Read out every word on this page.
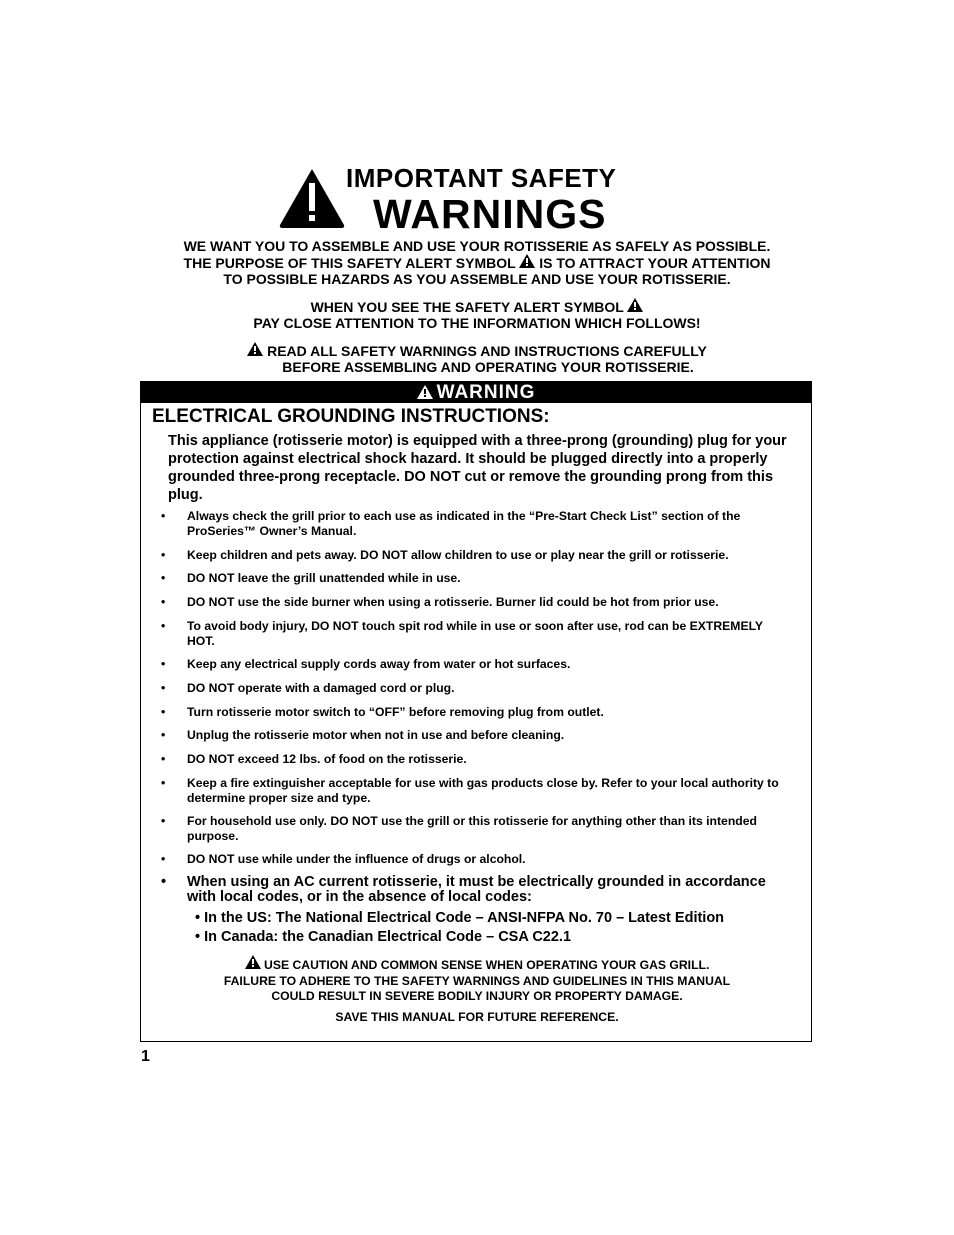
IMPORTANT SAFETY
WARNINGS

WE WANT YOU TO ASSEMBLE AND USE YOUR ROTISSERIE AS SAFELY AS POSSIBLE.

THE PURPOSE OF THIS SAFETY ALERT SYMBOL IS TO ATTRACT YOUR ATTENTION

TO POSSIBLE HAZARDS AS YOU ASSEMBLE AND USE YOUR ROTISSERIE.

WHEN YOU SEE THE SAFETY ALERT SYMBOL

PAY CLOSE ATTENTION TO THE INFORMATION WHICH FOLLOWS!

READ ALL SAFETY WARNINGS AND INSTRUCTIONS CAREFULLY

BEFORE ASSEMBLING AND OPERATING YOUR ROTISSERIE.

WARNING
ELECTRICAL GROUNDING INSTRUCTIONS:

This appliance (rotisserie motor) is equipped with a three-prong (grounding) plug for your protection against electrical shock hazard. It should be plugged directly into a properly grounded three-prong receptacle. DO NOT cut or remove the grounding prong from this plug.

• Always check the grill prior to each use as indicated in the “Pre-Start Check List” section of the ProSeries™ Owner’s Manual.
• Keep children and pets away. DO NOT allow children to use or play near the grill or rotisserie.
• DO NOT leave the grill unattended while in use.
• DO NOT use the side burner when using a rotisserie. Burner lid could be hot from prior use.
• To avoid body injury, DO NOT touch spit rod while in use or soon after use, rod can be EXTREMELY HOT.
• Keep any electrical supply cords away from water or hot surfaces.
• DO NOT operate with a damaged cord or plug.
• Turn rotisserie motor switch to “OFF” before removing plug from outlet.
• Unplug the rotisserie motor when not in use and before cleaning.
• DO NOT exceed 12 lbs. of food on the rotisserie.
• Keep a fire extinguisher acceptable for use with gas products close by. Refer to your local authority to determine proper size and type.
• For household use only. DO NOT use the grill or this rotisserie for anything other than its intended purpose.
• DO NOT use while under the influence of drugs or alcohol.
• When using an AC current rotisserie, it must be electrically grounded in accordance with local codes, or in the absence of local codes:
• In the US: The National Electrical Code – ANSI-NFPA No. 70 – Latest Edition
• In Canada: the Canadian Electrical Code – CSA C22.1

USE CAUTION AND COMMON SENSE WHEN OPERATING YOUR GAS GRILL.

FAILURE TO ADHERE TO THE SAFETY WARNINGS AND GUIDELINES IN THIS MANUAL

COULD RESULT IN SEVERE BODILY INJURY OR PROPERTY DAMAGE.

SAVE THIS MANUAL FOR FUTURE REFERENCE.
1
